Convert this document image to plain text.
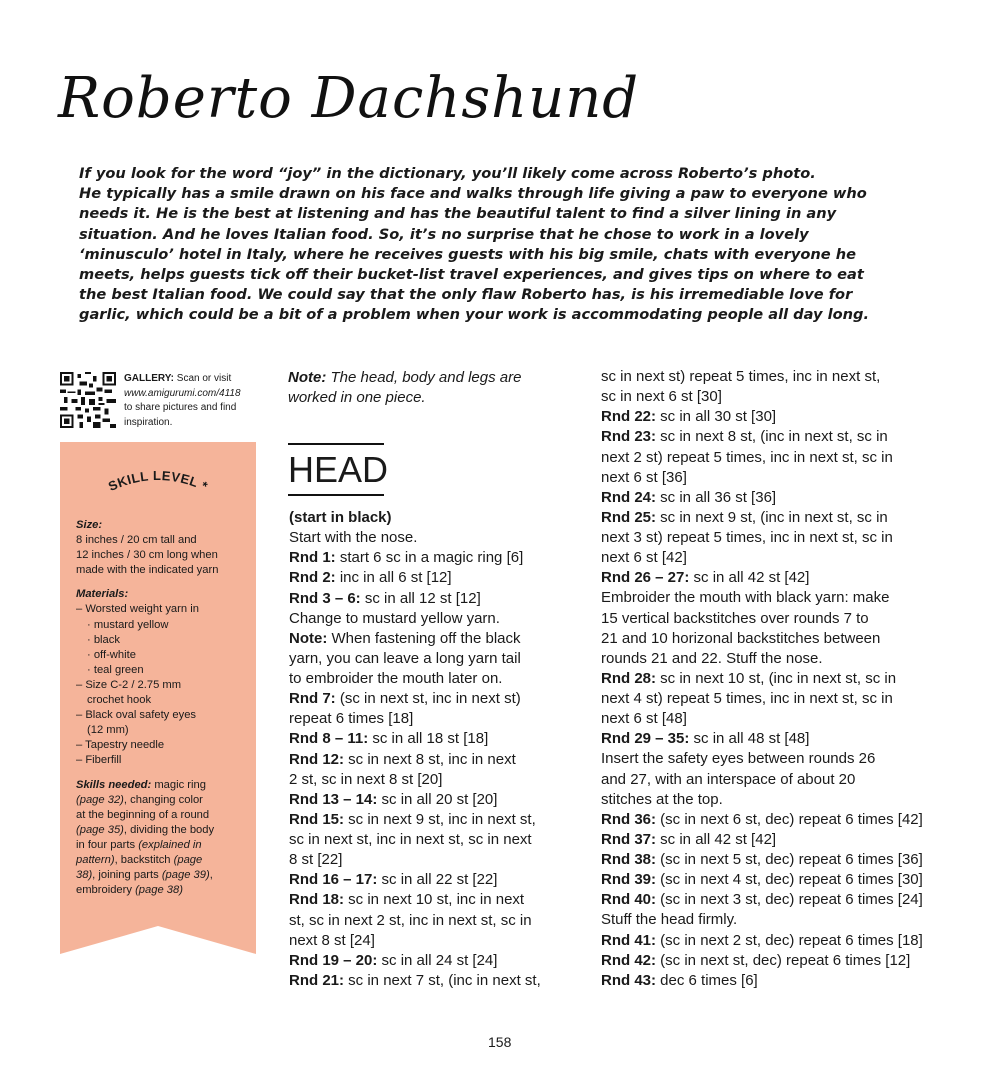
Roberto Dachshund

If you look for the word “joy” in the dictionary, you’ll likely come across Roberto’s photo.

He typically has a smile drawn on his face and walks through life giving a paw to everyone who

needs it. He is the best at listening and has the beautiful talent to find a silver lining in any

situation. And he loves Italian food. So, it’s no surprise that he chose to work in a lovely

‘minusculo’ hotel in Italy, where he receives guests with his big smile, chats with everyone he

meets, helps guests tick off their bucket-list travel experiences, and gives tips on where to eat

the best Italian food. We could say that the only flaw Roberto has, is his irremediable love for

garlic, which could be a bit of a problem when your work is accommodating people all day long.

GALLERY: Scan or visit
www.amigurumi.com/4118
to share pictures and find
inspiration.
SKILL LEVEL *
Size:
8 inches / 20 cm tall and
12 inches / 30 cm long when
made with the indicated yarn
Materials:
– Worsted weight yarn in
· mustard yellow
· black
· off-white
· teal green
– Size C-2 / 2.75 mm
crochet hook
– Black oval safety eyes
(12 mm)
– Tapestry needle
– Fiberfill
Skills needed: magic ring
(page 32), changing color
at the beginning of a round
(page 35), dividing the body
in four parts (explained in
pattern), backstitch (page
38), joining parts (page 39),
embroidery (page 38)
Note: The head, body and legs are
worked in one piece.
HEAD
(start in black)
Start with the nose.
Rnd 1: start 6 sc in a magic ring [6]
Rnd 2: inc in all 6 st [12]
Rnd 3 – 6: sc in all 12 st [12]
Change to mustard yellow yarn.
Note: When fastening off the black
yarn, you can leave a long yarn tail
to embroider the mouth later on.
Rnd 7: (sc in next st, inc in next st)
repeat 6 times [18]
Rnd 8 – 11: sc in all 18 st [18]
Rnd 12: sc in next 8 st, inc in next
2 st, sc in next 8 st [20]
Rnd 13 – 14: sc in all 20 st [20]
Rnd 15: sc in next 9 st, inc in next st,
sc in next st, inc in next st, sc in next
8 st [22]
Rnd 16 – 17: sc in all 22 st [22]
Rnd 18: sc in next 10 st, inc in next
st, sc in next 2 st, inc in next st, sc in
next 8 st [24]
Rnd 19 – 20: sc in all 24 st [24]
Rnd 21: sc in next 7 st, (inc in next st,
sc in next st) repeat 5 times, inc in next st,
sc in next 6 st [30]
Rnd 22: sc in all 30 st [30]
Rnd 23: sc in next 8 st, (inc in next st, sc in
next 2 st) repeat 5 times, inc in next st, sc in
next 6 st [36]
Rnd 24: sc in all 36 st [36]
Rnd 25: sc in next 9 st, (inc in next st, sc in
next 3 st) repeat 5 times, inc in next st, sc in
next 6 st [42]
Rnd 26 – 27: sc in all 42 st [42]
Embroider the mouth with black yarn: make
15 vertical backstitches over rounds 7 to
21 and 10 horizonal backstitches between
rounds 21 and 22. Stuff the nose.
Rnd 28: sc in next 10 st, (inc in next st, sc in
next 4 st) repeat 5 times, inc in next st, sc in
next 6 st [48]
Rnd 29 – 35: sc in all 48 st [48]
Insert the safety eyes between rounds 26
and 27, with an interspace of about 20
stitches at the top.
Rnd 36: (sc in next 6 st, dec) repeat 6 times [42]
Rnd 37: sc in all 42 st [42]
Rnd 38: (sc in next 5 st, dec) repeat 6 times [36]
Rnd 39: (sc in next 4 st, dec) repeat 6 times [30]
Rnd 40: (sc in next 3 st, dec) repeat 6 times [24]
Stuff the head firmly.
Rnd 41: (sc in next 2 st, dec) repeat 6 times [18]
Rnd 42: (sc in next st, dec) repeat 6 times [12]
Rnd 43: dec 6 times [6]
158
